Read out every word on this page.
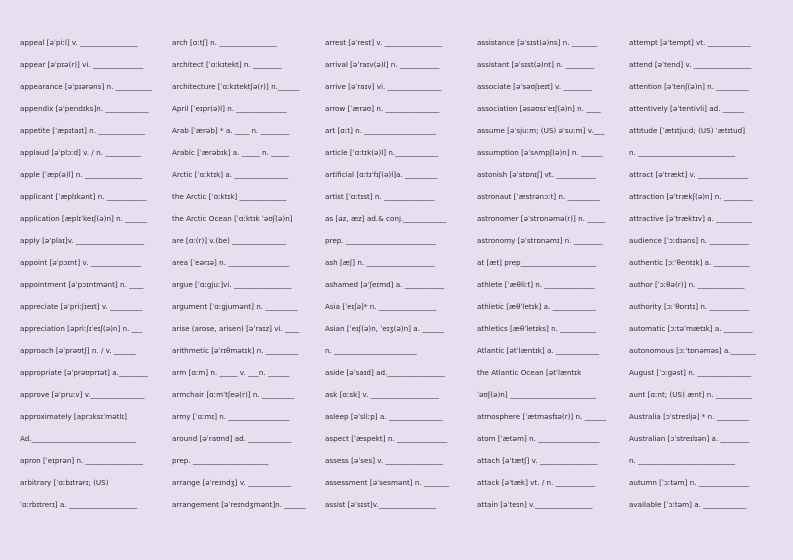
appeal [əˈpiːl] v. ________________
appear [əˈpɪə(r)] vi. ______________
appearance [əˈpɪərəns] n. __________
appendix [əˈpendɪks]n. ____________
appetite [ˈæpɪtaɪt] n. _____________
applaud [əˈplɔːd] v. / n. __________
apple [ˈæp(ə)l] n. ________________
applicant [ˈæplɪkənt] n. ___________
application [æplɪˈkeɪʃ(ə)n] n. ______
apply [əˈplaɪ]v. ___________________
appoint [əˈpɔɪnt] v. ______________
appointment [əˈpɔɪntmənt] n. ____
appreciate [əˈpriːʃɪeɪt] v. _________
appreciation [əpriːʃɪˈeɪʃ(ə)n] n. ___
approach [əˈprəʊtʃ] n. / v. ______
appropriate [əˈprəʊprɪət] a.________
approve [əˈpruːv] v._______________
approximately [aprɔksɪˈmətlɪ]
Ad._____________________________
apron [ˈeɪprən] n. ________________
arbitrary [ˈɑːbɪtrərɪ; (US)
ˈɑːrbɪtrerɪ] a. ___________________
arch [ɑːtʃ] n. ________________
architect [ˈɑːkɪtekt] n. ________
architecture [ˈɑːkɪtektʃə(r)] n.______
April [ˈeɪpr(ə)l] n. ______________
Arab [ˈærəb] * a. ____ n. ________
Arabic [ˈærəbɪk] a. _____ n. _____
Arctic [ˈɑːktɪk] a. _______________
the Arctic [ˈɑːktɪk] _____________
the Arctic Ocean [ˈɑːktɪk ˈəʊʃ(ə)n]
are [ɑː(r)] v.(be) _______________
area [ˈeərɪə] n. _________________
argue [ˈɑːgjuː]vi. ________________
argument [ˈɑːgjumənt] n. _________
arise (arose, arisen) [əˈraɪz] vi. ____
arithmetic [əˈrɪθmətɪk] n. _________
arm [ɑːm] n. _____ v. ___n. ______
armchair [ɑːmˈtʃeə(r)] n. _________
army [ˈɑːmɪ] n. _________________
around [əˈraʊnd] ad. ____________
prep. _____________________
arrange [əˈreɪndʒ] v. ____________
arrangement [əˈreɪndʒmənt]n. ______
arrest [əˈrest] v. ________________
arrival [əˈraɪv(ə)l] n. ___________
arrive [əˈraɪv] vi. _______________
arrow [ˈærəʊ] n. _______________
art [ɑːt] n. ____________________
article [ˈɑːtɪk(ə)l] n.____________
artificial [ɑːtɪˈfɪʃ(ə)l]a. _________
artist [ˈɑːtɪst] n. ______________
as [əz, æz] ad.& conj.____________
prep. _________________________
ash [æʃ] n. ___________________
ashamed [əˈʃeɪmd] a. ___________
Asia [ˈeɪʃə]* n. ________________
Asian [ˈeɪʃ(ə)n, ˈeɪʒ(ə)n] a. ______
n. _______________________
aside [əˈsaɪd] ad.________________
ask [ɑːsk] v. ___________________
asleep [əˈsliːp] a. _______________
aspect [ˈæspekt] n. ______________
assess [əˈses] v. ________________
assessment [əˈsesmənt] n. _______
assist [əˈsɪst]v.________________
assistance [əˈsɪst(ə)ns] n. _______
assistant [əˈsɪst(ə)nt] n. ________
associate [əˈsəʊʃɪeɪt] v. ________
association [əsəʊsɪˈeɪʃ(ə)n] n. ____
assume [əˈsjuːm; (US) əˈsuːm] v.___
assumption [əˈsʌmpʃ(ə)n] n. ______
astonish [əˈstɒnɪʃ] vt. ___________
astronaut [ˈæstrənɔːt] n. _________
astronomer [əˈstrɒnəmə(r)] n. _____
astronomy [əˈstrɒnəmɪ] n. ________
at [æt] prep_____________________
athlete [ˈæθliːt] n. ______________
athletic [æθˈletɪk] a. ____________
athletics [æθˈletɪks] n. __________
Atlantic [ətˈlæntɪk] a. ____________
the Atlantic Ocean [ətˈlæntɪk
ˈəʊʃ(ə)n] ________________________
atmosphere [ˈætməsfɪə(r)] n. ______
atom [ˈætəm] n. _________________
attach [əˈtætʃ] v. ________________
attack [əˈtæk] vt. / n. ___________
attain [əˈteɪn] v.________________
attempt [əˈtempt] vt. ____________
attend [əˈtend] v. ________________
attention [əˈtenʃ(ə)n] n. _________
attentively [əˈtentivli] ad. ______
attitude [ˈætɪtjuːd; (US) ˈætɪtud]
n. ___________________________
attract [əˈtrækt] v. ______________
attraction [əˈtrækʃ(ə)n] n. ________
attractive [əˈtræktɪv] a. __________
audience [ˈɔːdɪəns] n. ___________
authentic [ɔːˈθentɪk] a. __________
author [ˈɔːθə(r)] n. _____________
authority [ɔːˈθɒrɪtɪ] n. ___________
automatic [ɔːtəˈmætɪk] a. ________
autonomous [ɔːˈtɒnəməs] a._______
August [ˈɔːgəst] n. _______________
aunt [ɑːnt; (US) ænt] n. __________
Australia [ɔˈstreɪljə] * n. _________
Australian [ɔˈstreɪlɪən] a. ________
n. ___________________________
autumn [ˈɔːtəm] n. ______________
available [ˈɔːtəm] a. ____________
